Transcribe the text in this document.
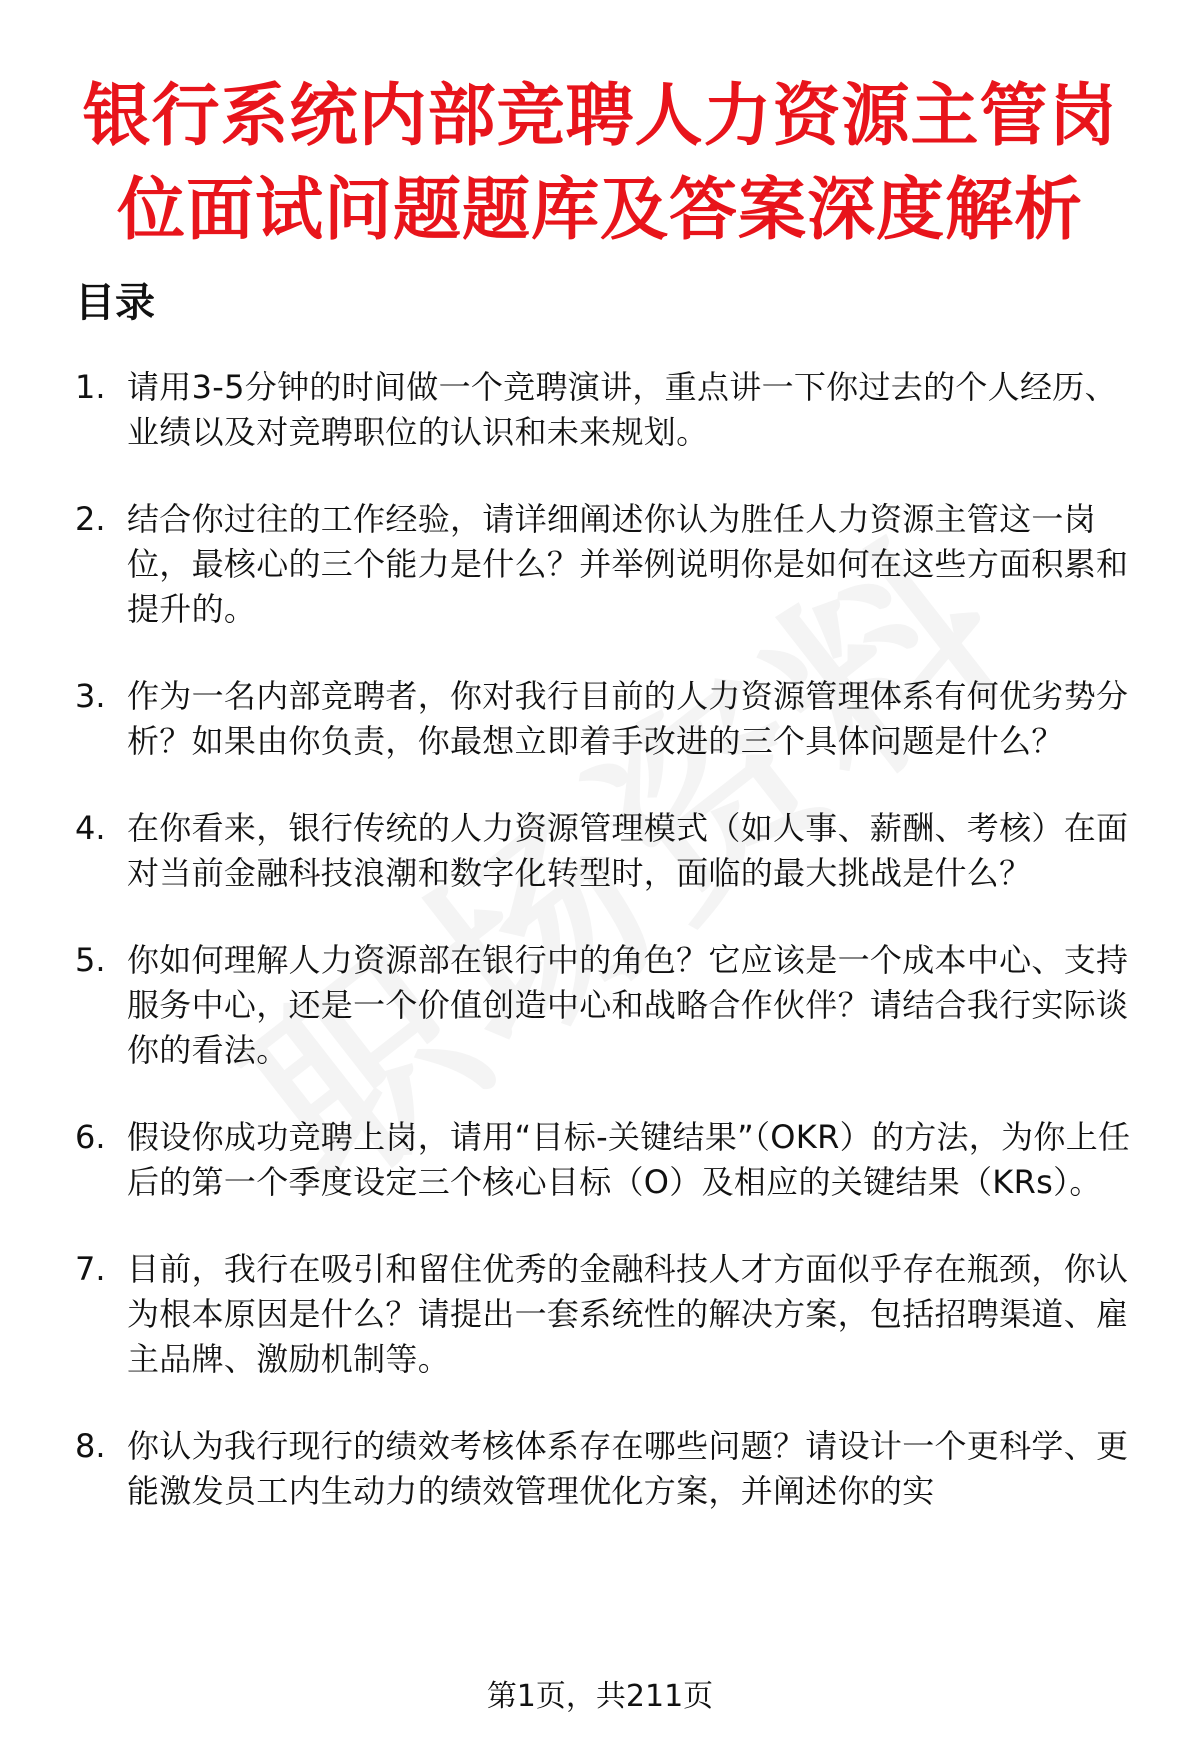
银行系统内部竞聘人力资源主管岗位面试问题题库及答案深度解析
目录
1. 请用3-5分钟的时间做一个竞聘演讲，重点讲一下你过去的个人经历、业绩以及对竞聘职位的认识和未来规划。
2. 结合你过往的工作经验，请详细阐述你认为胜任人力资源主管这一岗位，最核心的三个能力是什么？并举例说明你是如何在这些方面积累和提升的。
3. 作为一名内部竞聘者，你对我行目前的人力资源管理体系有何优劣势分析？如果由你负责，你最想立即着手改进的三个具体问题是什么？
4. 在你看来，银行传统的人力资源管理模式（如人事、薪酬、考核）在面对当前金融科技浪潮和数字化转型时，面临的最大挑战是什么？
5. 你如何理解人力资源部在银行中的角色？它应该是一个成本中心、支持服务中心，还是一个价值创造中心和战略合作伙伴？请结合我行实际谈你的看法。
6. 假设你成功竞聘上岗，请用“目标-关键结果”（OKR）的方法，为你上任后的第一个季度设定三个核心目标（O）及相应的关键结果（KRs）。
7. 目前，我行在吸引和留住优秀的金融科技人才方面似乎存在瓶颈，你认为根本原因是什么？请提出一套系统性的解决方案，包括招聘渠道、雇主品牌、激励机制等。
8. 你认为我行现行的绩效考核体系存在哪些问题？请设计一个更科学、更能激发员工内生动力的绩效管理优化方案，并阐述你的实
第1页，共211页
